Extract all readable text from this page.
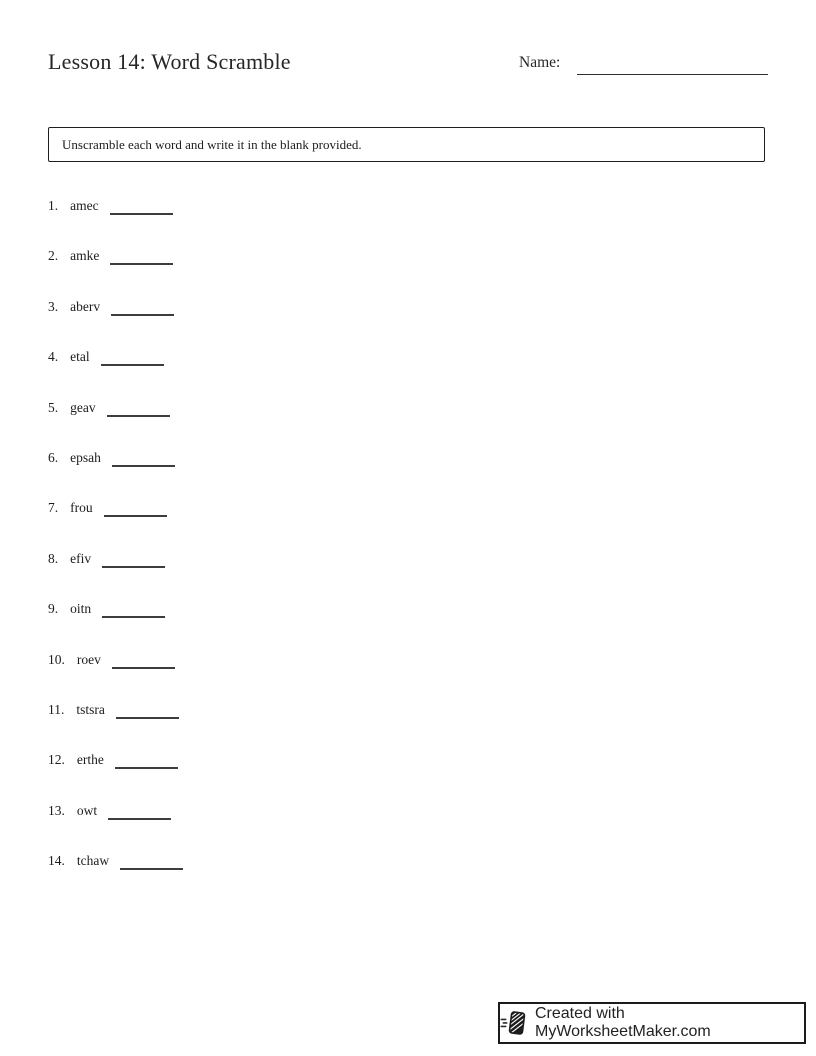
Lesson 14: Word Scramble	Name:
Unscramble each word and write it in the blank provided.
1. amec
2. amke
3. aberv
4. etal
5. geav
6. epsah
7. frou
8. efiv
9. oitn
10. roev
11. tstsra
12. erthe
13. owt
14. tchaw
Created with MyWorksheetMaker.com
